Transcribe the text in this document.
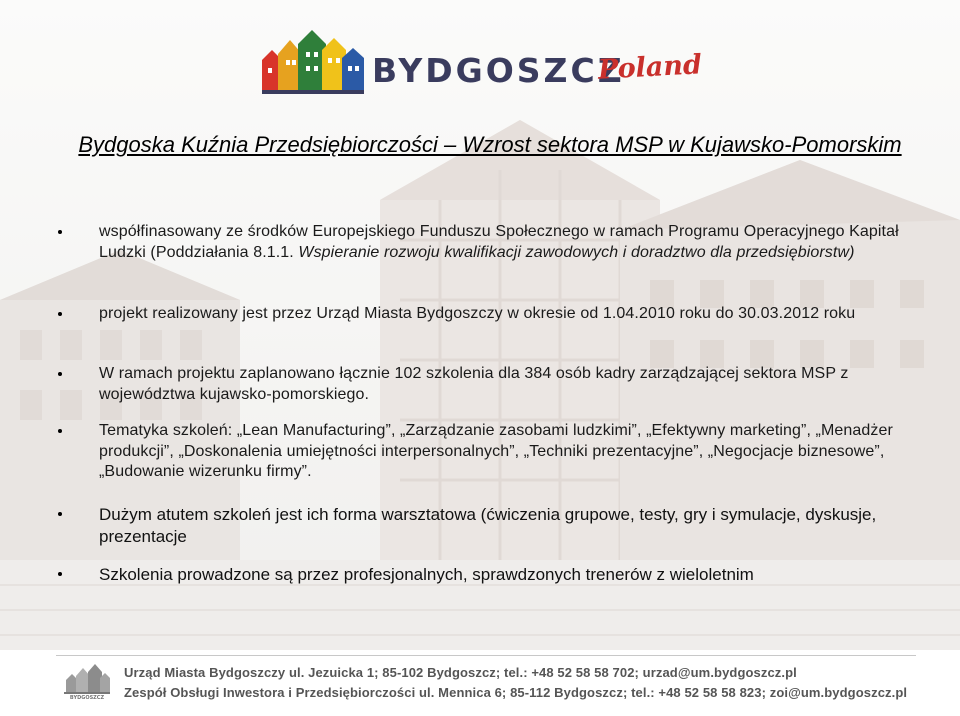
BYDGOSZCZ
Poland
Bydgoska Kuźnia Przedsiębiorczości – Wzrost sektora MSP w Kujawsko-Pomorskim
współfinasowany ze środków Europejskiego Funduszu Społecznego w ramach Programu Operacyjnego Kapitał Ludzki (Poddziałania 8.1.1. Wspieranie rozwoju kwalifikacji zawodowych i doradztwo dla przedsiębiorstw)
projekt realizowany jest przez Urząd Miasta Bydgoszczy w okresie od 1.04.2010 roku do 30.03.2012 roku
W ramach projektu zaplanowano łącznie 102 szkolenia dla 384 osób kadry zarządzającej sektora MSP z województwa kujawsko-pomorskiego.
Tematyka szkoleń: „Lean Manufacturing”, „Zarządzanie zasobami ludzkimi”, „Efektywny marketing”, „Menadżer produkcji”, „Doskonalenia umiejętności interpersonalnych”, „Techniki prezentacyjne”, „Negocjacje biznesowe”, „Budowanie wizerunku firmy”.
Dużym atutem szkoleń jest ich forma warsztatowa (ćwiczenia grupowe, testy, gry i symulacje, dyskusje, prezentacje
Szkolenia prowadzone są przez profesjonalnych, sprawdzonych trenerów z wieloletnim
BYDGOSZCZ
Urząd Miasta Bydgoszczy ul. Jezuicka 1; 85-102 Bydgoszcz; tel.: +48 52 58 58 702; urzad@um.bydgoszcz.pl
Zespół Obsługi Inwestora i Przedsiębiorczości ul. Mennica 6; 85-112 Bydgoszcz; tel.: +48 52 58 58 823; zoi@um.bydgoszcz.pl
